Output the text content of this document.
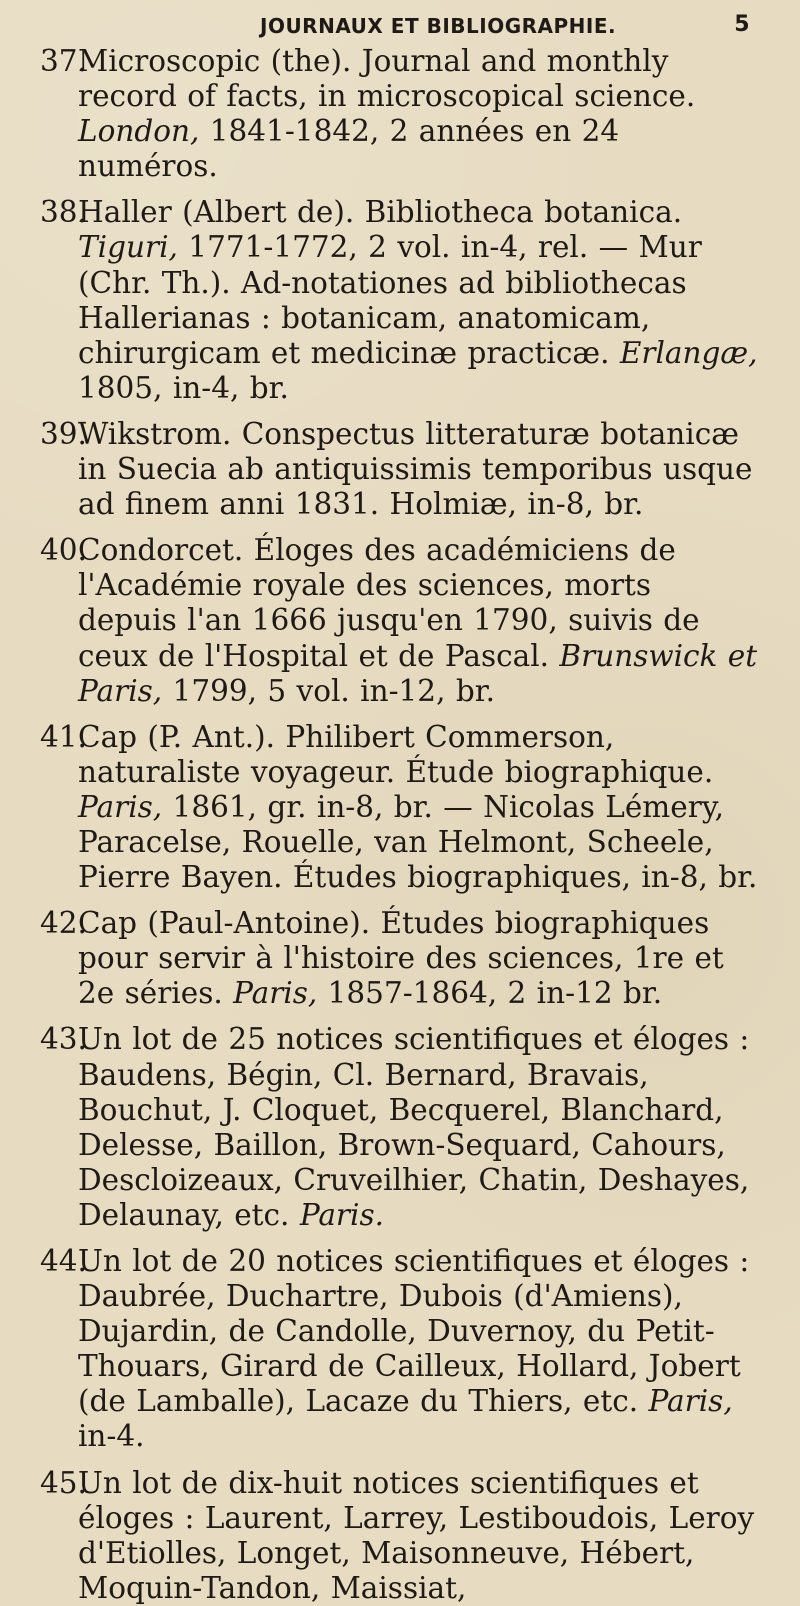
JOURNAUX ET BIBLIOGRAPHIE.	5
37.Microscopic (the). Journal and monthly record of facts, in microscopical science. London, 1841-1842, 2 années en 24 numéros.
38.Haller (Albert de). Bibliotheca botanica. Tiguri, 1771-1772, 2 vol. in-4, rel. — Mur (Chr. Th.). Ad-notationes ad bibliothecas Hallerianas : botanicam, anatomicam, chirurgicam et medicinæ practicæ. Erlangæ, 1805, in-4, br.
39.Wikstrom. Conspectus litteraturæ botanicæ in Suecia ab antiquissimis temporibus usque ad finem anni 1831. Holmiæ, in-8, br.
40.Condorcet. Éloges des académiciens de l'Académie royale des sciences, morts depuis l'an 1666 jusqu'en 1790, suivis de ceux de l'Hospital et de Pascal. Brunswick et Paris, 1799, 5 vol. in-12, br.
41.Cap (P. Ant.). Philibert Commerson, naturaliste voyageur. Étude biographique. Paris, 1861, gr. in-8, br. — Nicolas Lémery, Paracelse, Rouelle, van Helmont, Scheele, Pierre Bayen. Études biographiques, in-8, br.
42.Cap (Paul-Antoine). Études biographiques pour servir à l'histoire des sciences, 1re et 2e séries. Paris, 1857-1864, 2 in-12 br.
43.Un lot de 25 notices scientifiques et éloges : Baudens, Bégin, Cl. Bernard, Bravais, Bouchut, J. Cloquet, Becquerel, Blanchard, Delesse, Baillon, Brown-Sequard, Cahours, Descloizeaux, Cruveilhier, Chatin, Deshayes, Delaunay, etc. Paris.
44.Un lot de 20 notices scientifiques et éloges : Daubrée, Duchartre, Dubois (d'Amiens), Dujardin, de Candolle, Duvernoy, du Petit-Thouars, Girard de Cailleux, Hollard, Jobert (de Lamballe), Lacaze du Thiers, etc. Paris, in-4.
45.Un lot de dix-huit notices scientifiques et éloges : Laurent, Larrey, Lestiboudois, Leroy d'Etiolles, Longet, Maisonneuve, Hébert, Moquin-Tandon, Maissiat,
